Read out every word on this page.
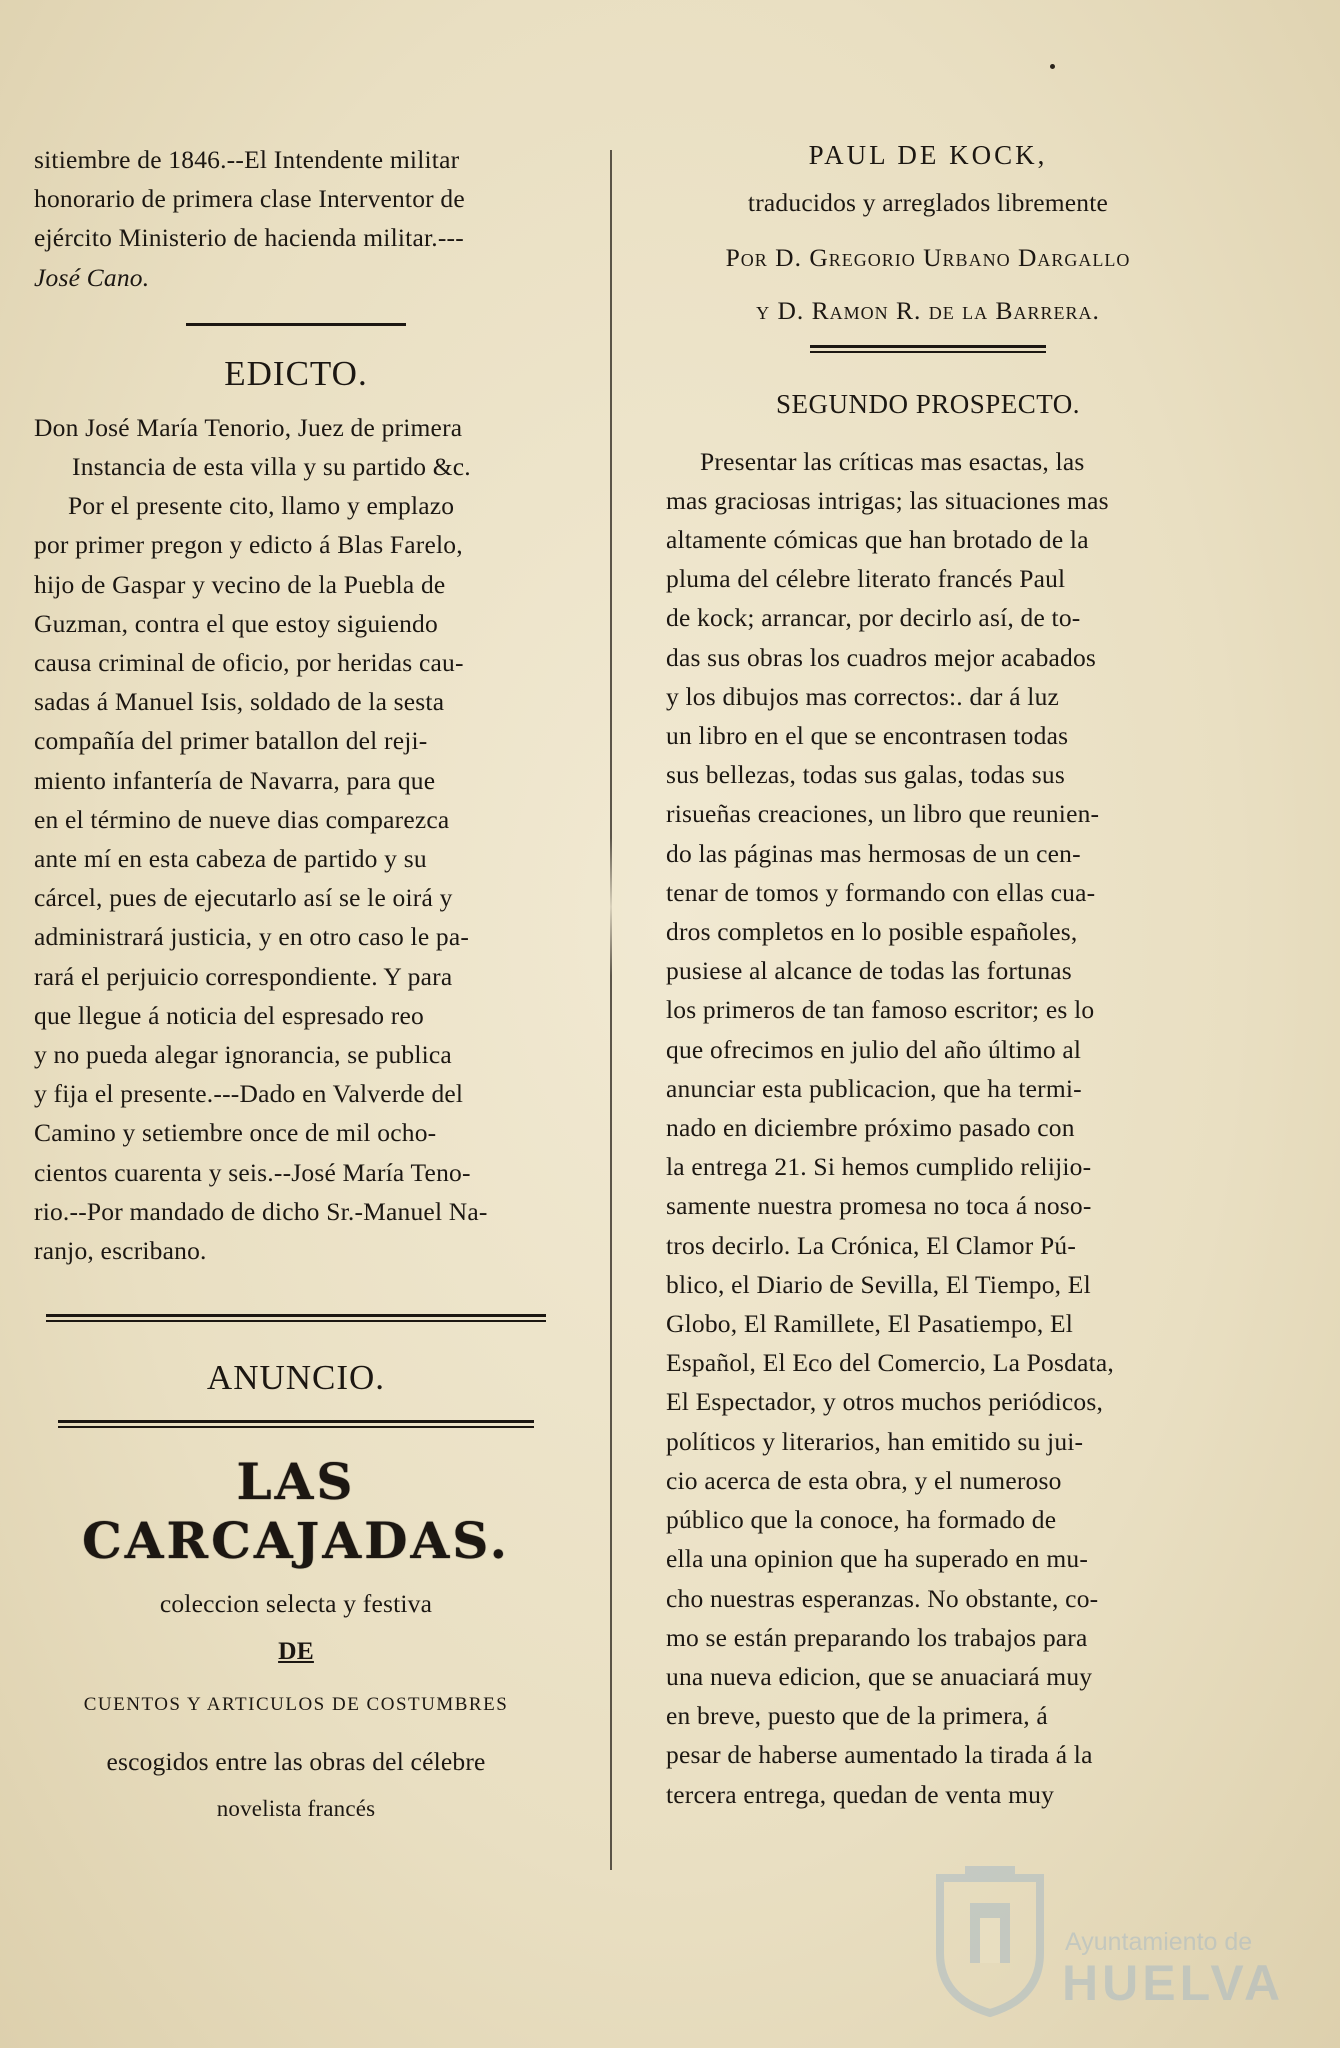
sitiembre de 1846.--El Intendente militar

honorario de primera clase Interventor de

ejército Ministerio de hacienda militar.---

José Cano.

EDICTO.

Don José María Tenorio, Juez de primera

Instancia de esta villa y su partido &c.

Por el presente cito, llamo y emplazo

por primer pregon y edicto á Blas Farelo,

hijo de Gaspar y vecino de la Puebla de

Guzman, contra el que estoy siguiendo

causa criminal de oficio, por heridas cau-

sadas á Manuel Isis, soldado de la sesta

compañía del primer batallon del reji-

miento infantería de Navarra, para que

en el término de nueve dias comparezca

ante mí en esta cabeza de partido y su

cárcel, pues de ejecutarlo así se le oirá y

administrará justicia, y en otro caso le pa-

rará el perjuicio correspondiente. Y para

que llegue á noticia del espresado reo

y no pueda alegar ignorancia, se publica

y fija el presente.---Dado en Valverde del

Camino y setiembre once de mil ocho-

cientos cuarenta y seis.--José María Teno-

rio.--Por mandado de dicho Sr.-Manuel Na-

ranjo, escribano.

ANUNCIO.

LAS CARCAJADAS.

coleccion selecta y festiva

DE

CUENTOS Y ARTICULOS DE COSTUMBRES

escogidos entre las obras del célebre

novelista francés

PAUL DE KOCK,

traducidos y arreglados libremente

Por D. Gregorio Urbano Dargallo

y D. Ramon R. de la Barrera.

SEGUNDO PROSPECTO.

Presentar las críticas mas esactas, las

mas graciosas intrigas; las situaciones mas

altamente cómicas que han brotado de la

pluma del célebre literato francés Paul

de kock; arrancar, por decirlo así, de to-

das sus obras los cuadros mejor acabados

y los dibujos mas correctos:. dar á luz

un libro en el que se encontrasen todas

sus bellezas, todas sus galas, todas sus

risueñas creaciones, un libro que reunien-

do las páginas mas hermosas de un cen-

tenar de tomos y formando con ellas cua-

dros completos en lo posible españoles,

pusiese al alcance de todas las fortunas

los primeros de tan famoso escritor; es lo

que ofrecimos en julio del año último al

anunciar esta publicacion, que ha termi-

nado en diciembre próximo pasado con

la entrega 21. Si hemos cumplido relijio-

samente nuestra promesa no toca á noso-

tros decirlo. La Crónica, El Clamor Pú-

blico, el Diario de Sevilla, El Tiempo, El

Globo, El Ramillete, El Pasatiempo, El

Español, El Eco del Comercio, La Posdata,

El Espectador, y otros muchos periódicos,

políticos y literarios, han emitido su jui-

cio acerca de esta obra, y el numeroso

público que la conoce, ha formado de

ella una opinion que ha superado en mu-

cho nuestras esperanzas. No obstante, co-

mo se están preparando los trabajos para

una nueva edicion, que se anuaciará muy

en breve, puesto que de la primera, á

pesar de haberse aumentado la tirada á la

tercera entrega, quedan de venta muy

Ayuntamiento de
HUELVA
